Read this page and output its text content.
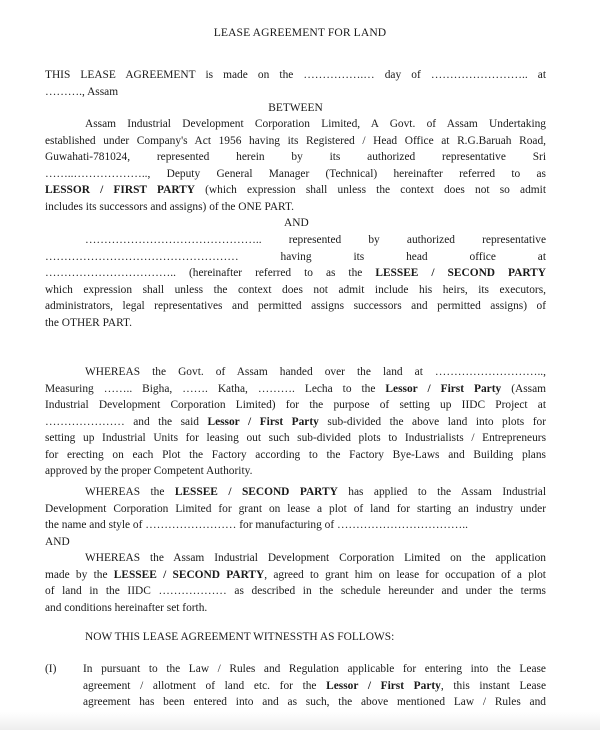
LEASE AGREEMENT FOR LAND
THIS LEASE AGREEMENT is made on the …………….… day of …………………….. at
………., Assam
BETWEEN
Assam Industrial Development Corporation Limited, A Govt. of Assam Undertaking
established under Company's Act 1956 having its Registered / Head Office at R.G.Baruah Road,
Guwahati-781024, represented herein by its authorized representative Sri
……..……………….., Deputy General Manager (Technical) hereinafter referred to as
LESSOR / FIRST PARTY (which expression shall unless the context does not so admit
includes its successors and assigns) of the ONE PART.
AND
……………………………………….. represented by authorized representative
…………………………………………… having its head office at
…………………………….. (hereinafter referred to as the LESSEE / SECOND PARTY
which expression shall unless the context does not admit include his heirs, its executors,
administrators, legal representatives and permitted assigns successors and permitted assigns) of
the OTHER PART.
WHEREAS the Govt. of Assam handed over the land at ………………………..,
Measuring …….. Bigha, ……. Katha, ………. Lecha to the Lessor / First Party (Assam
Industrial Development Corporation Limited) for the purpose of setting up IIDC Project at
………………… and the said Lessor / First Party sub-divided the above land into plots for
setting up Industrial Units for leasing out such sub-divided plots to Industrialists / Entrepreneurs
for erecting on each Plot the Factory according to the Factory Bye-Laws and Building plans
approved by the proper Competent Authority.
WHEREAS the LESSEE / SECOND PARTY has applied to the Assam Industrial
Development Corporation Limited for grant on lease a plot of land for starting an industry under
the name and style of …………………… for manufacturing of ……………………………..
AND
WHEREAS the Assam Industrial Development Corporation Limited on the application
made by the LESSEE / SECOND PARTY, agreed to grant him on lease for occupation of a plot
of land in the IIDC ……………… as described in the schedule hereunder and under the terms
and conditions hereinafter set forth.
NOW THIS LEASE AGREEMENT WITNESSTH AS FOLLOWS:
(I) In pursuant to the Law / Rules and Regulation applicable for entering into the Lease
agreement / allotment of land etc. for the Lessor / First Party, this instant Lease
agreement has been entered into and as such, the above mentioned Law / Rules and
